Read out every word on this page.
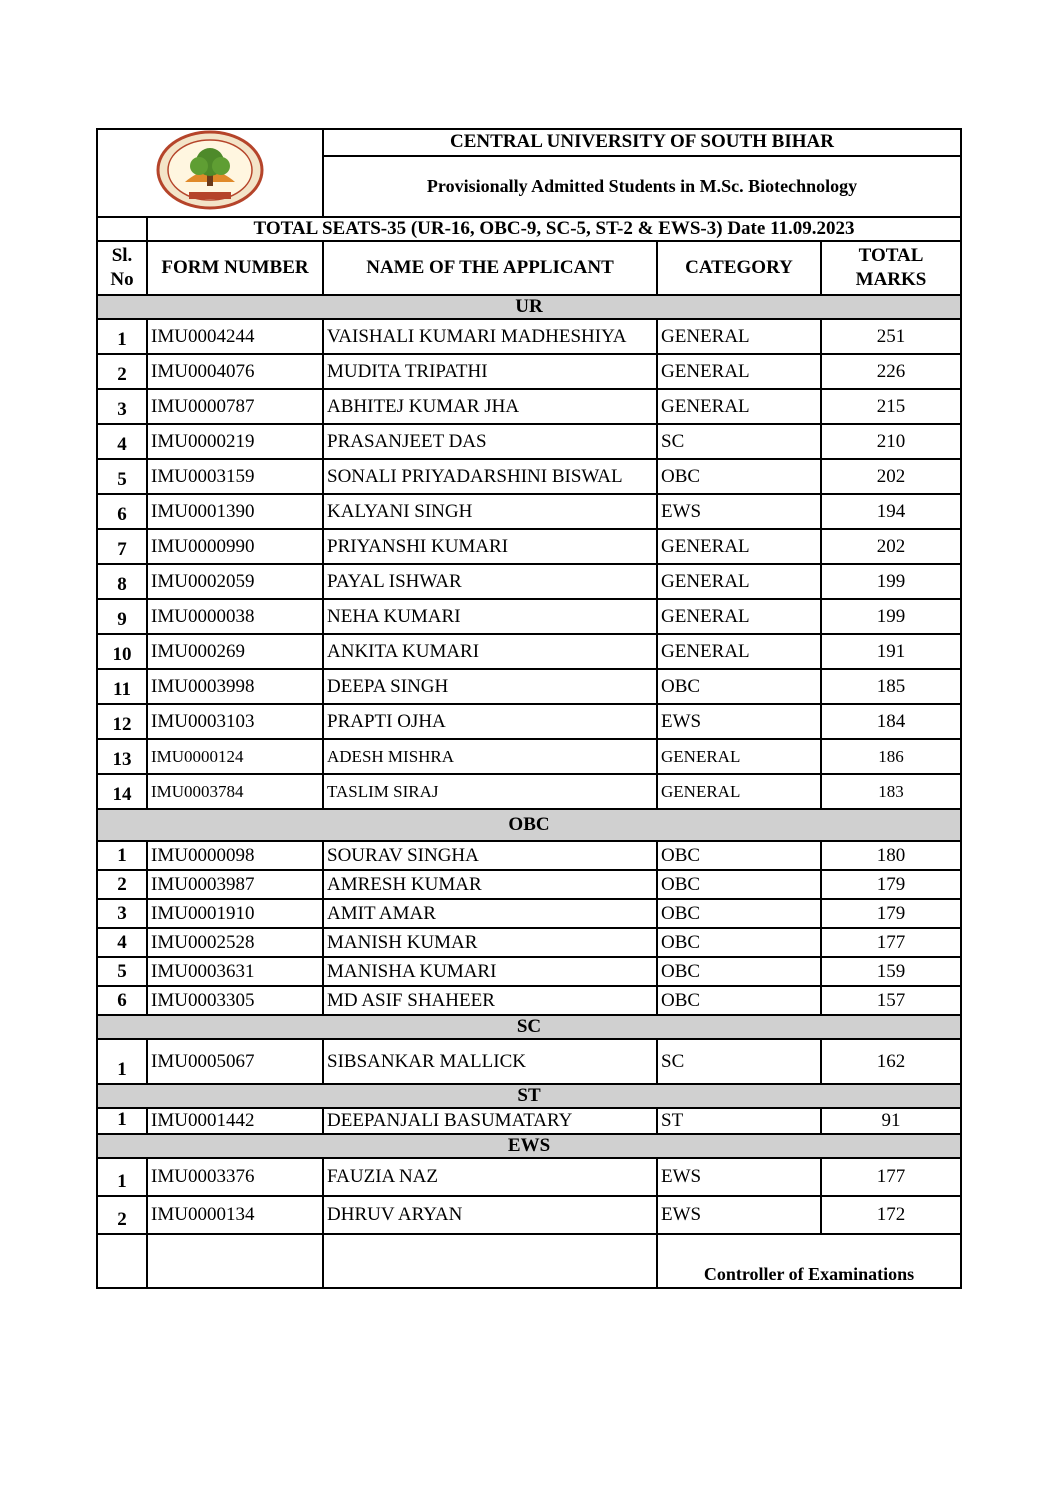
	CENTRAL UNIVERSITY OF SOUTH BIHAR		
		Provisionally Admitted Students in M.Sc. Biotechnology		
	TOTAL SEATS-35 (UR-16, OBC-9, SC-5, ST-2 & EWS-3) Date 11.09.2023			
Sl. No	FORM NUMBER	NAME OF THE APPLICANT	CATEGORY	TOTAL MARKS
UR				
1	IMU0004244	VAISHALI KUMARI MADHESHIYA	GENERAL	251
2	IMU0004076	MUDITA TRIPATHI	GENERAL	226
3	IMU0000787	ABHITEJ KUMAR JHA	GENERAL	215
4	IMU0000219	PRASANJEET DAS	SC	210
5	IMU0003159	SONALI PRIYADARSHINI BISWAL	OBC	202
6	IMU0001390	KALYANI SINGH	EWS	194
7	IMU0000990	PRIYANSHI KUMARI	GENERAL	202
8	IMU0002059	PAYAL ISHWAR	GENERAL	199
9	IMU0000038	NEHA KUMARI	GENERAL	199
10	IMU000269	ANKITA KUMARI	GENERAL	191
11	IMU0003998	DEEPA SINGH	OBC	185
12	IMU0003103	PRAPTI OJHA	EWS	184
13	IMU0000124	ADESH MISHRA	GENERAL	186
14	IMU0003784	TASLIM SIRAJ	GENERAL	183
OBC				
1	IMU0000098	SOURAV SINGHA	OBC	180
2	IMU0003987	AMRESH KUMAR	OBC	179
3	IMU0001910	AMIT AMAR	OBC	179
4	IMU0002528	MANISH KUMAR	OBC	177
5	IMU0003631	MANISHA KUMARI	OBC	159
6	IMU0003305	MD ASIF SHAHEER	OBC	157
SC				
1	IMU0005067	SIBSANKAR MALLICK	SC	162
ST				
1	IMU0001442	DEEPANJALI BASUMATARY	ST	91
EWS				
1	IMU0003376	FAUZIA NAZ	EWS	177
2	IMU0000134	DHRUV ARYAN	EWS	172
			Controller of Examinations	
